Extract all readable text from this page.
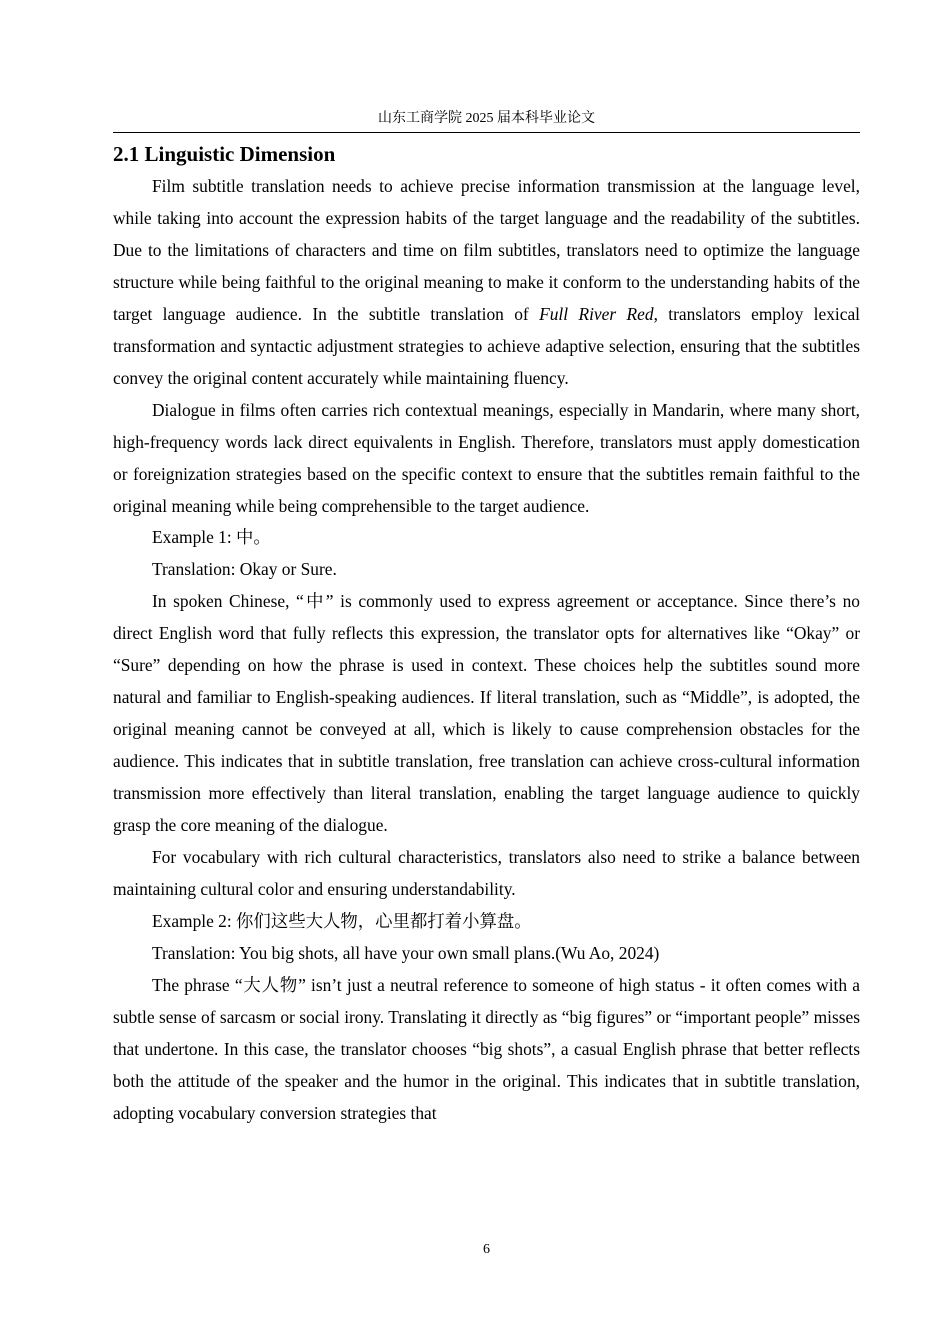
山东工商学院 2025 届本科毕业论文
2.1 Linguistic Dimension

Film subtitle translation needs to achieve precise information transmission at the language level, while taking into account the expression habits of the target language and the readability of the subtitles. Due to the limitations of characters and time on film subtitles, translators need to optimize the language structure while being faithful to the original meaning to make it conform to the understanding habits of the target language audience. In the subtitle translation of Full River Red, translators employ lexical transformation and syntactic adjustment strategies to achieve adaptive selection, ensuring that the subtitles convey the original content accurately while maintaining fluency.

Dialogue in films often carries rich contextual meanings, especially in Mandarin, where many short, high-frequency words lack direct equivalents in English. Therefore, translators must apply domestication or foreignization strategies based on the specific context to ensure that the subtitles remain faithful to the original meaning while being comprehensible to the target audience.

Example 1: 中。

Translation: Okay or Sure.

In spoken Chinese, “中” is commonly used to express agreement or acceptance. Since there’s no direct English word that fully reflects this expression, the translator opts for alternatives like “Okay” or “Sure” depending on how the phrase is used in context. These choices help the subtitles sound more natural and familiar to English-speaking audiences. If literal translation, such as “Middle”, is adopted, the original meaning cannot be conveyed at all, which is likely to cause comprehension obstacles for the audience. This indicates that in subtitle translation, free translation can achieve cross-cultural information transmission more effectively than literal translation, enabling the target language audience to quickly grasp the core meaning of the dialogue.

For vocabulary with rich cultural characteristics, translators also need to strike a balance between maintaining cultural color and ensuring understandability.

Example 2: 你们这些大人物，心里都打着小算盘。

Translation: You big shots, all have your own small plans.(Wu Ao, 2024)

The phrase “大人物” isn’t just a neutral reference to someone of high status - it often comes with a subtle sense of sarcasm or social irony. Translating it directly as “big figures” or “important people” misses that undertone. In this case, the translator chooses “big shots”, a casual English phrase that better reflects both the attitude of the speaker and the humor in the original. This indicates that in subtitle translation, adopting vocabulary conversion strategies that

6
